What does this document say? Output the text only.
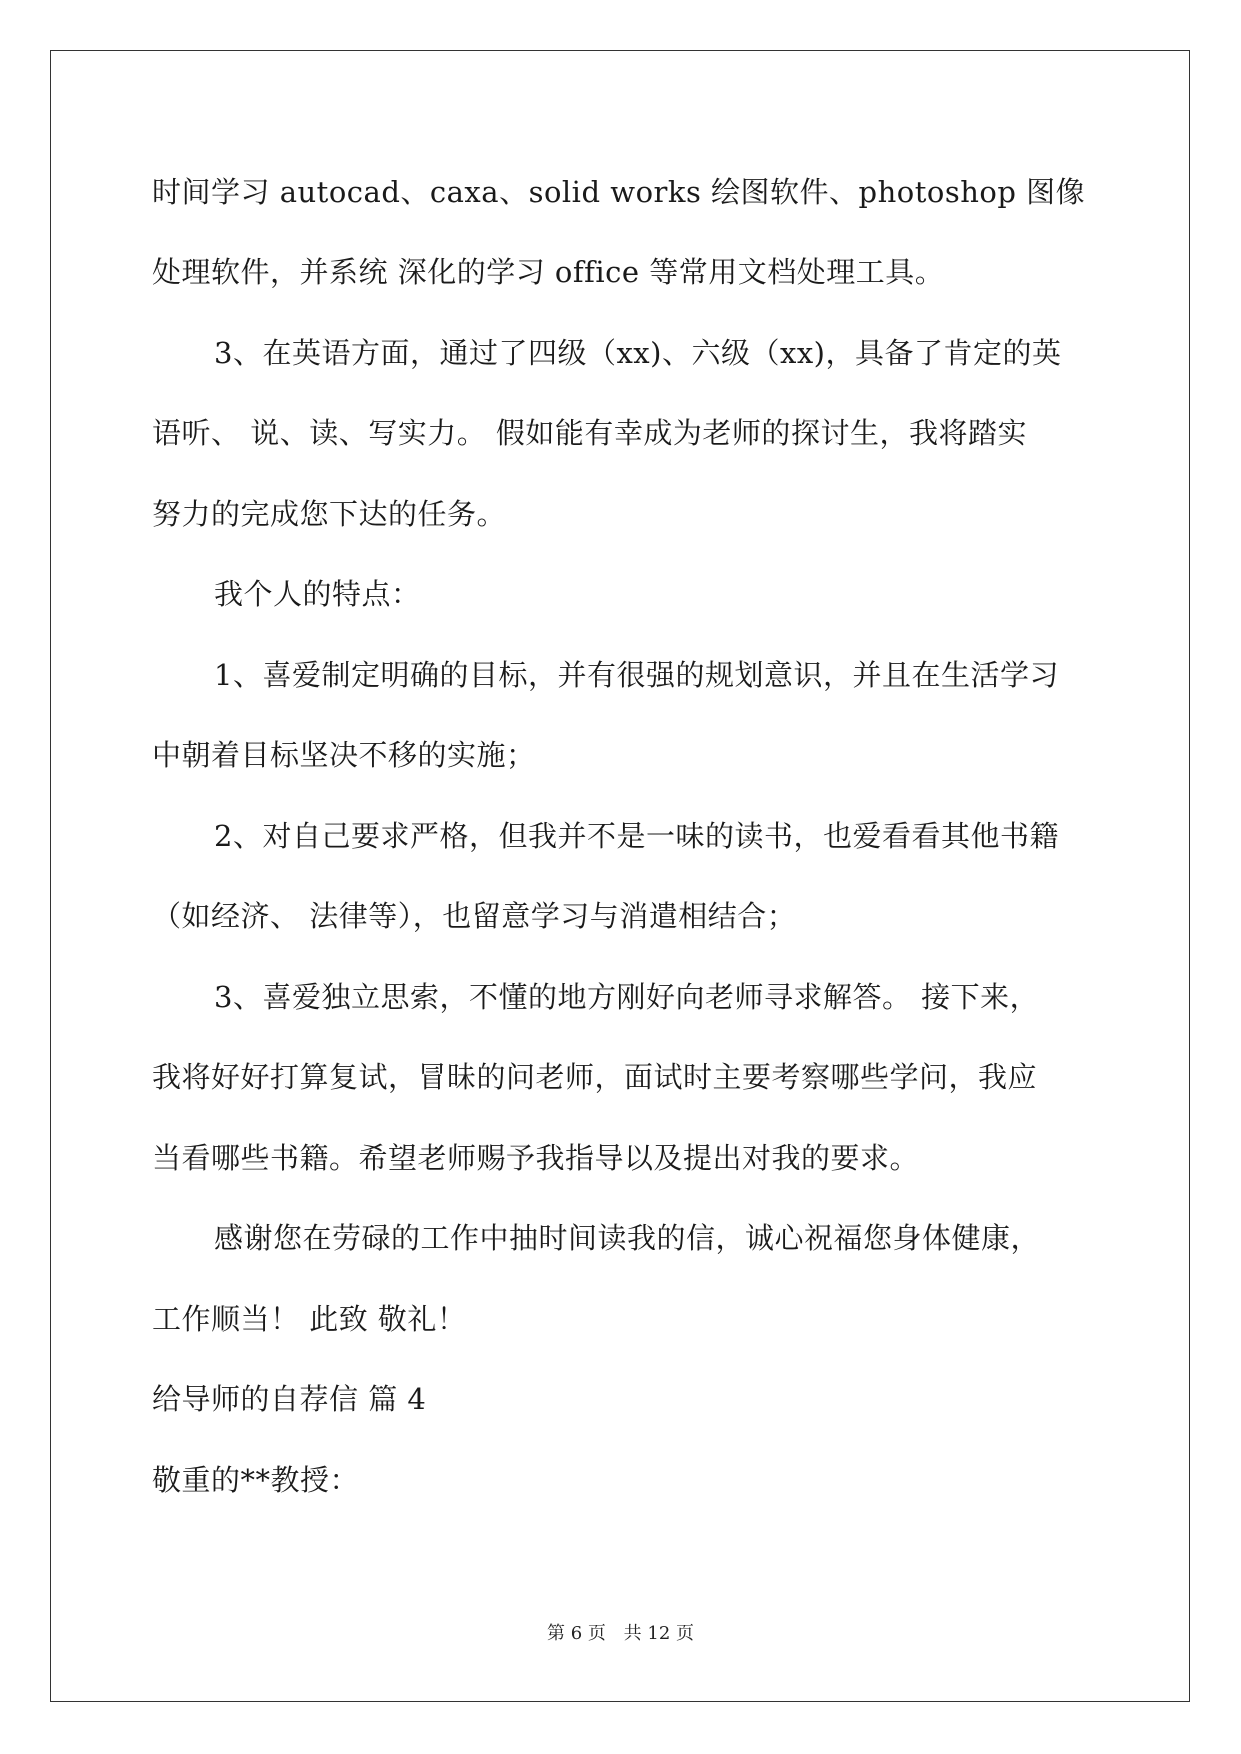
时间学习 autocad、caxa、solid works 绘图软件、photoshop 图像
处理软件，并系统 深化的学习 office 等常用文档处理工具。
3、在英语方面，通过了四级（xx)、六级（xx)，具备了肯定的英
语听、 说、读、写实力。 假如能有幸成为老师的探讨生，我将踏实
努力的完成您下达的任务。
我个人的特点：
1、喜爱制定明确的目标，并有很强的规划意识，并且在生活学习
中朝着目标坚决不移的实施；
2、对自己要求严格，但我并不是一味的读书，也爱看看其他书籍
（如经济、 法律等），也留意学习与消遣相结合；
3、喜爱独立思索，不懂的地方刚好向老师寻求解答。 接下来，
我将好好打算复试，冒昧的问老师，面试时主要考察哪些学问，我应
当看哪些书籍。希望老师赐予我指导以及提出对我的要求。
感谢您在劳碌的工作中抽时间读我的信，诚心祝福您身体健康，
工作顺当！ 此致 敬礼！
给导师的自荐信 篇 4
敬重的**教授：
第 6 页 共 12 页
